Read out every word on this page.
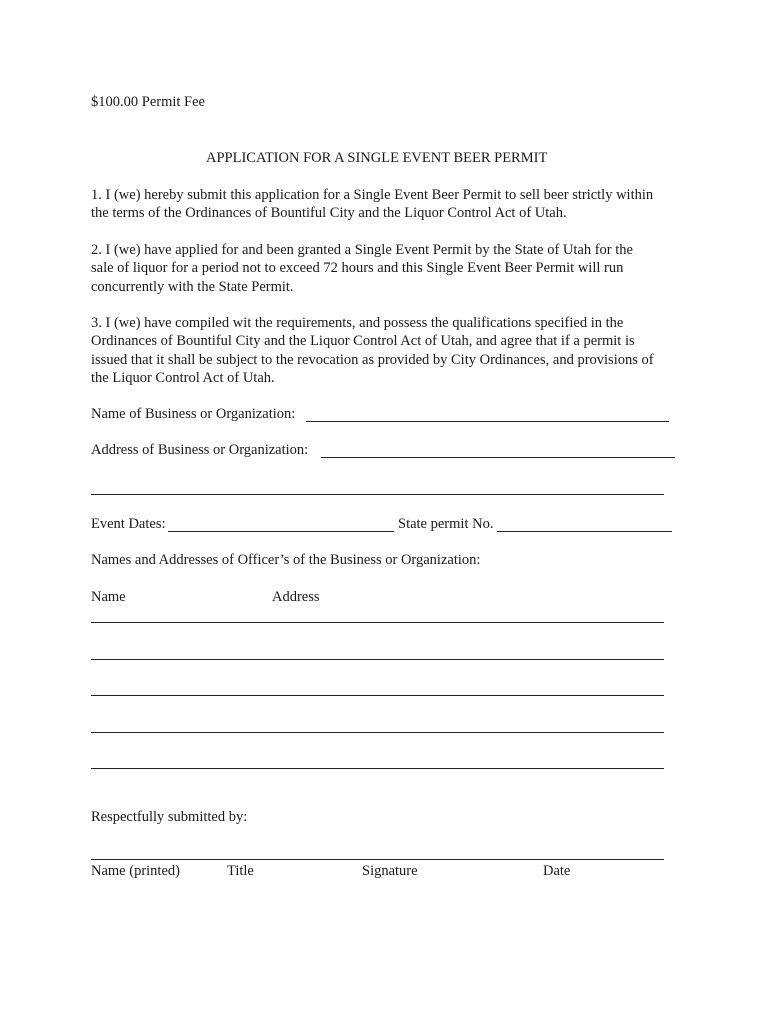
$100.00 Permit Fee
APPLICATION FOR A SINGLE EVENT BEER PERMIT
1. I (we) hereby submit this application for a Single Event Beer Permit to sell beer strictly within
the terms of the Ordinances of Bountiful City and the Liquor Control Act of Utah.
2. I (we) have applied for and been granted a Single Event Permit by the State of Utah for the
sale of liquor for a period not to exceed 72 hours and this Single Event Beer Permit will run
concurrently with the State Permit.
3. I (we) have compiled wit the requirements, and possess the qualifications specified in the
Ordinances of Bountiful City and the Liquor Control Act of Utah, and agree that if a permit is
issued that it shall be subject to the revocation as provided by City Ordinances, and provisions of
the Liquor Control Act of Utah.
Name of Business or Organization:
Address of Business or Organization:
Event Dates:	State permit No.
Names and Addresses of Officer’s of the Business or Organization:
Name	Address
Respectfully submitted by:
Name (printed)	Title	Signature	Date
